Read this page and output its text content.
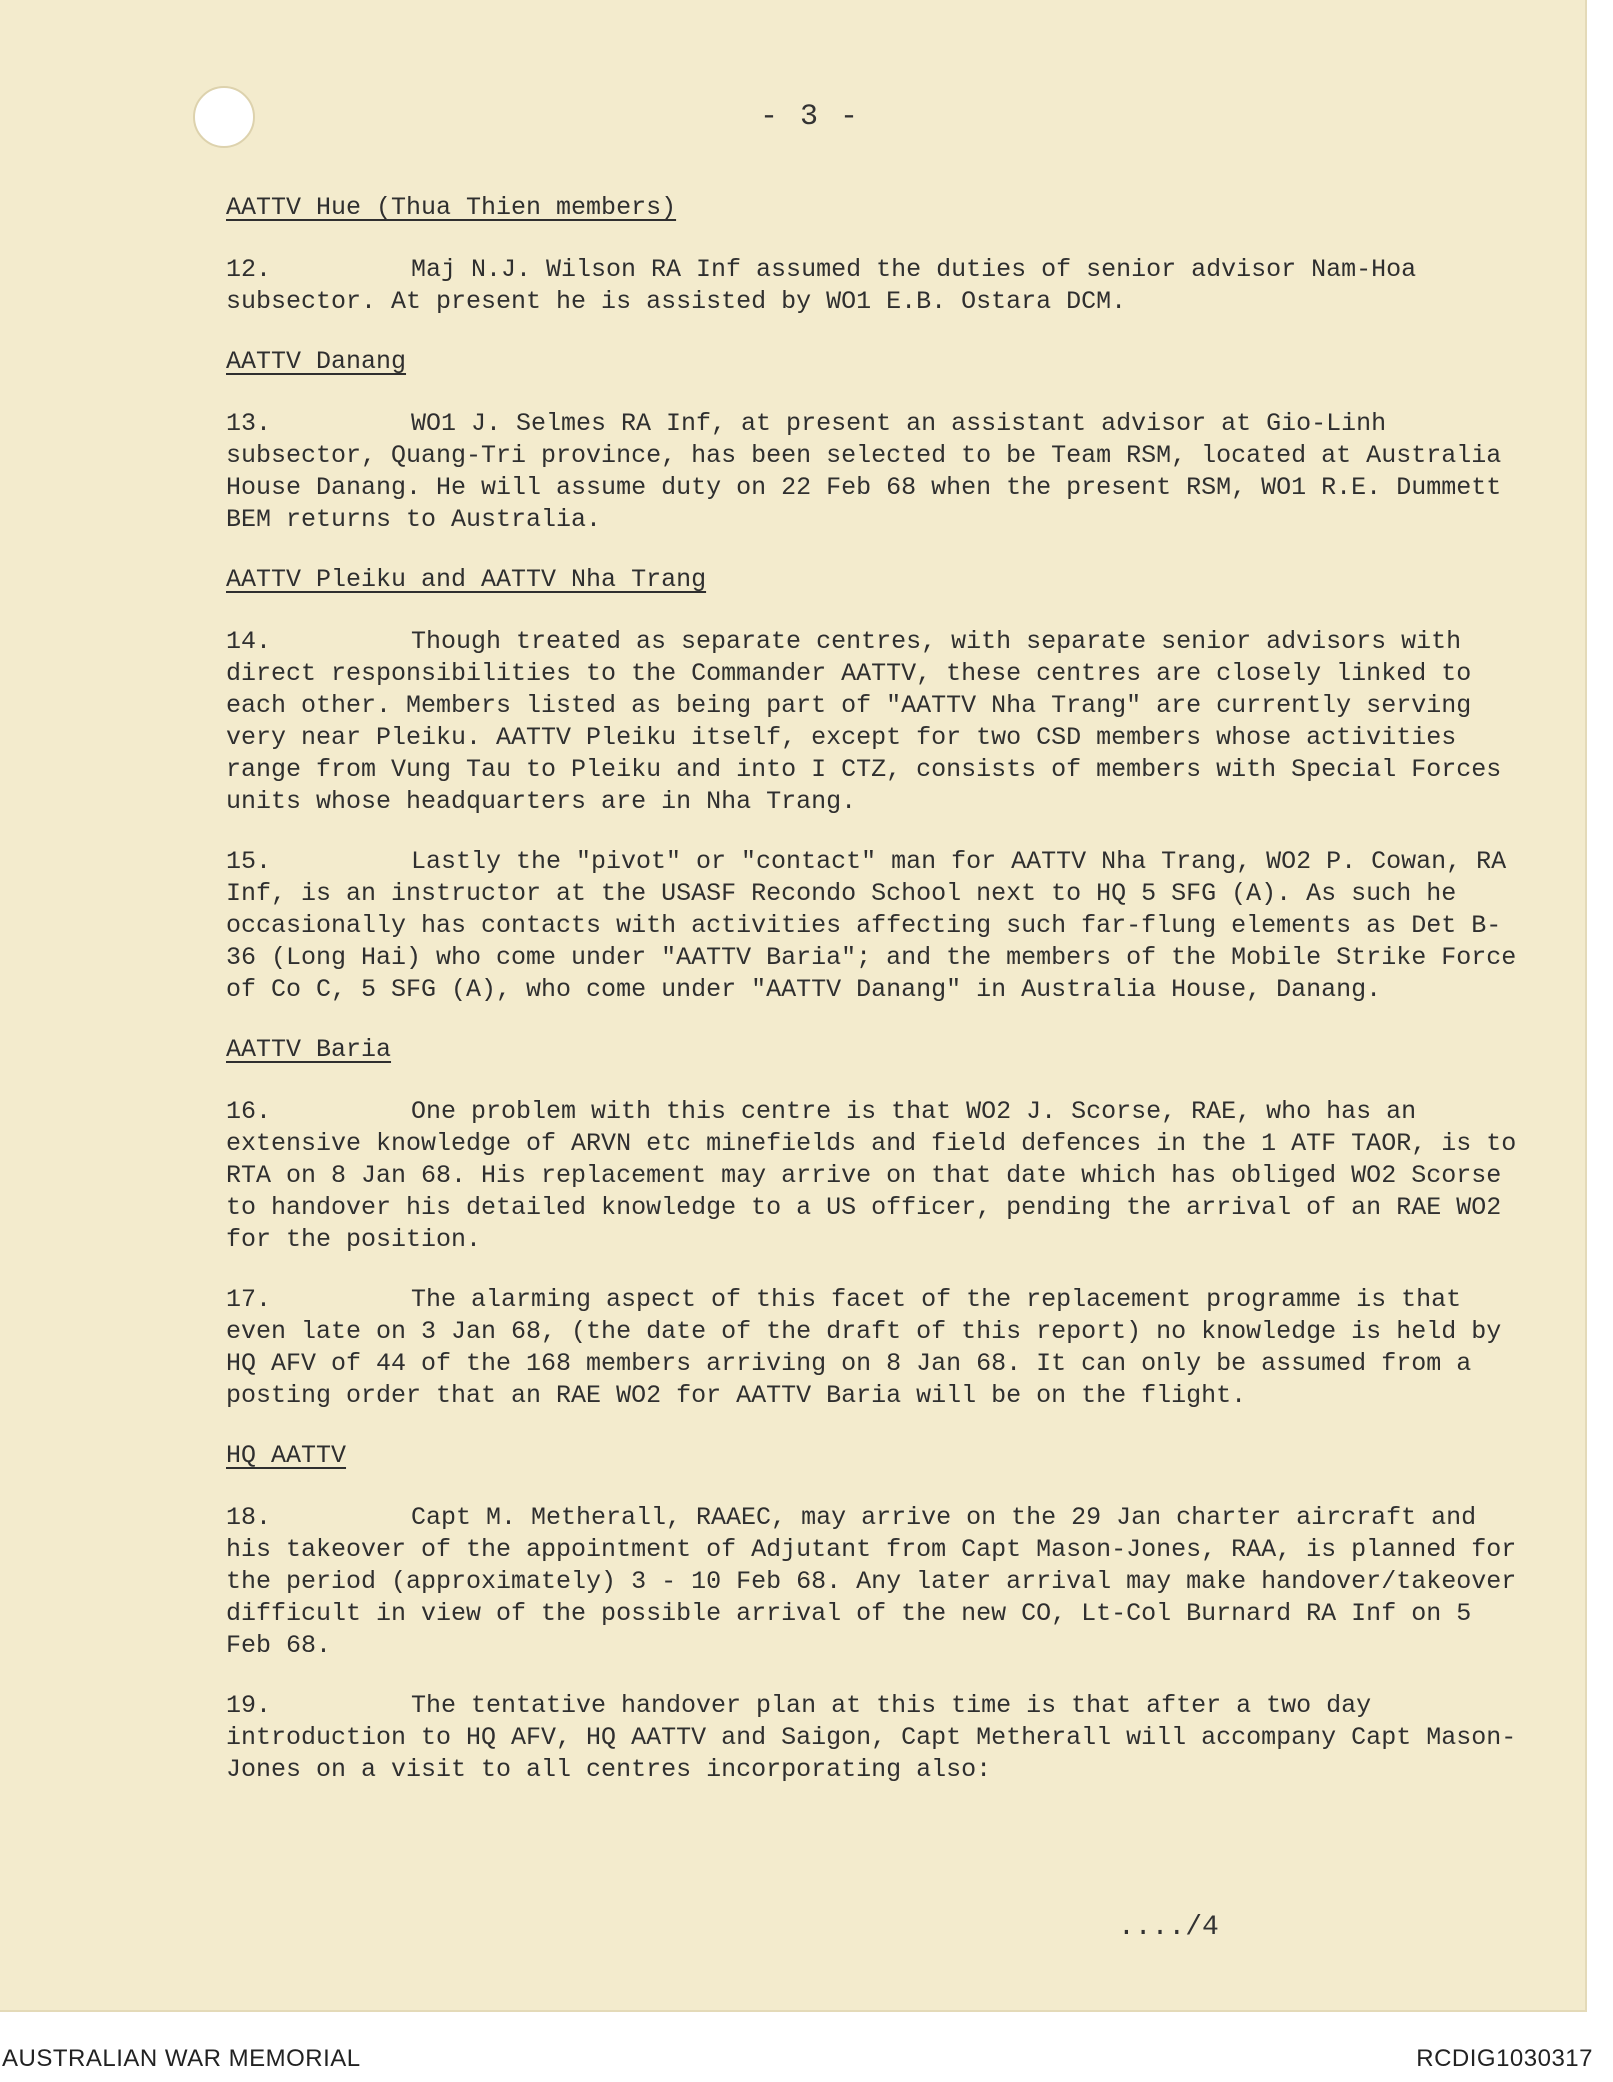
- 3 -

AATTV Hue (Thua Thien members)

12.	Maj N.J. Wilson RA Inf assumed the duties of senior advisor Nam-Hoa subsector. At present he is assisted by WO1 E.B. Ostara DCM.

AATTV Danang

13.	WO1 J. Selmes RA Inf, at present an assistant advisor at Gio-Linh subsector, Quang-Tri province, has been selected to be Team RSM, located at Australia House Danang. He will assume duty on 22 Feb 68 when the present RSM, WO1 R.E. Dummett BEM returns to Australia.

AATTV Pleiku and AATTV Nha Trang

14.	Though treated as separate centres, with separate senior advisors with direct responsibilities to the Commander AATTV, these centres are closely linked to each other. Members listed as being part of "AATTV Nha Trang" are currently serving very near Pleiku. AATTV Pleiku itself, except for two CSD members whose activities range from Vung Tau to Pleiku and into I CTZ, consists of members with Special Forces units whose headquarters are in Nha Trang.

15.	Lastly the "pivot" or "contact" man for AATTV Nha Trang, WO2 P. Cowan, RA Inf, is an instructor at the USASF Recondo School next to HQ 5 SFG (A). As such he occasionally has contacts with activities affecting such far-flung elements as Det B-36 (Long Hai) who come under "AATTV Baria"; and the members of the Mobile Strike Force of Co C, 5 SFG (A), who come under "AATTV Danang" in Australia House, Danang.

AATTV Baria

16.	One problem with this centre is that WO2 J. Scorse, RAE, who has an extensive knowledge of ARVN etc minefields and field defences in the 1 ATF TAOR, is to RTA on 8 Jan 68. His replacement may arrive on that date which has obliged WO2 Scorse to handover his detailed knowledge to a US officer, pending the arrival of an RAE WO2 for the position.

17.	The alarming aspect of this facet of the replacement programme is that even late on 3 Jan 68, (the date of the draft of this report) no knowledge is held by HQ AFV of 44 of the 168 members arriving on 8 Jan 68. It can only be assumed from a posting order that an RAE WO2 for AATTV Baria will be on the flight.

HQ AATTV

18.	Capt M. Metherall, RAAEC, may arrive on the 29 Jan charter aircraft and his takeover of the appointment of Adjutant from Capt Mason-Jones, RAA, is planned for the period (approximately) 3 - 10 Feb 68. Any later arrival may make handover/takeover difficult in view of the possible arrival of the new CO, Lt-Col Burnard RA Inf on 5 Feb 68.

19.	The tentative handover plan at this time is that after a two day introduction to HQ AFV, HQ AATTV and Saigon, Capt Metherall will accompany Capt Mason-Jones on a visit to all centres incorporating also:

..../4
AUSTRALIAN WAR MEMORIAL	RCDIG1030317
